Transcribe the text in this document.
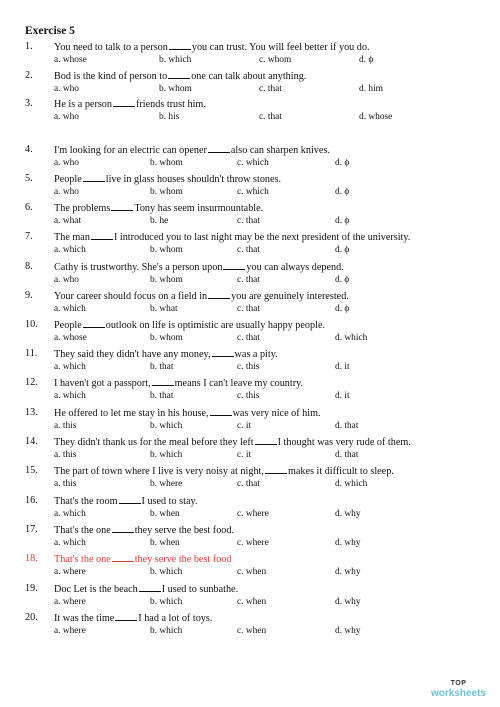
Exercise 5
1.	You need to talk to a person you can trust. You will feel better if you do.
a. whose	b. which	c. whom	d. ϕ
2.	Bod is the kind of person to one can talk about anything.
a. who	b. whom	c. that	d. him
3.	He is a person friends trust him.
a. who	b. his	c. that	d. whose
4.	I'm looking for an electric can opener also can sharpen knives.
a. who	b. whom	c. which	d. ϕ
5.	People live in glass houses shouldn't throw stones.
a. who	b. whom	c. which	d. ϕ
6.	The problems Tony has seem insurmountable.
a. what	b. he	c. that	d. ϕ
7.	The man I introduced you to last night may be the next president of the university.
a. which	b. whom	c. that	d. ϕ
8.	Cathy is trustworthy. She's a person upon you can always depend.
a. who	b. whom	c. that	d. ϕ
9.	Your career should focus on a field in you are genuinely interested.
a. which	b. what	c. that	d. ϕ
10.	People outlook on life is optimistic are usually happy people.
a. whose	b. whom	c. that	d. which
11.	They said they didn't have any money, was a pity.
a. which	b. that	c. this	d. it
12.	I haven't got a passport, means I can't leave my country.
a. which	b. that	c. this	d. it
13.	He offered to let me stay in his house, was very nice of him.
a. this	b. which	c. it	d. that
14.	They didn't thank us for the meal before they left I thought was very rude of them.
a. this	b. which	c. it	d. that
15.	The part of town where I live is very noisy at night, makes it difficult to sleep.
a. this	b. where	c. that	d. which
16.	That's the room I used to stay.
a. which	b. when	c. where	d. why
17.	That's the one they serve the best food.
a. which	b. when	c. where	d. why
18.	That's the one they serve the best food
a. where	b. which	c. when	d. why
19.	Doc Let is the beach I used to sunbathe.
a. where	b. which	c. when	d. why
20.	It was the time I had a lot of toys.
a. where	b. which	c. when	d. why
TOP
worksheets
